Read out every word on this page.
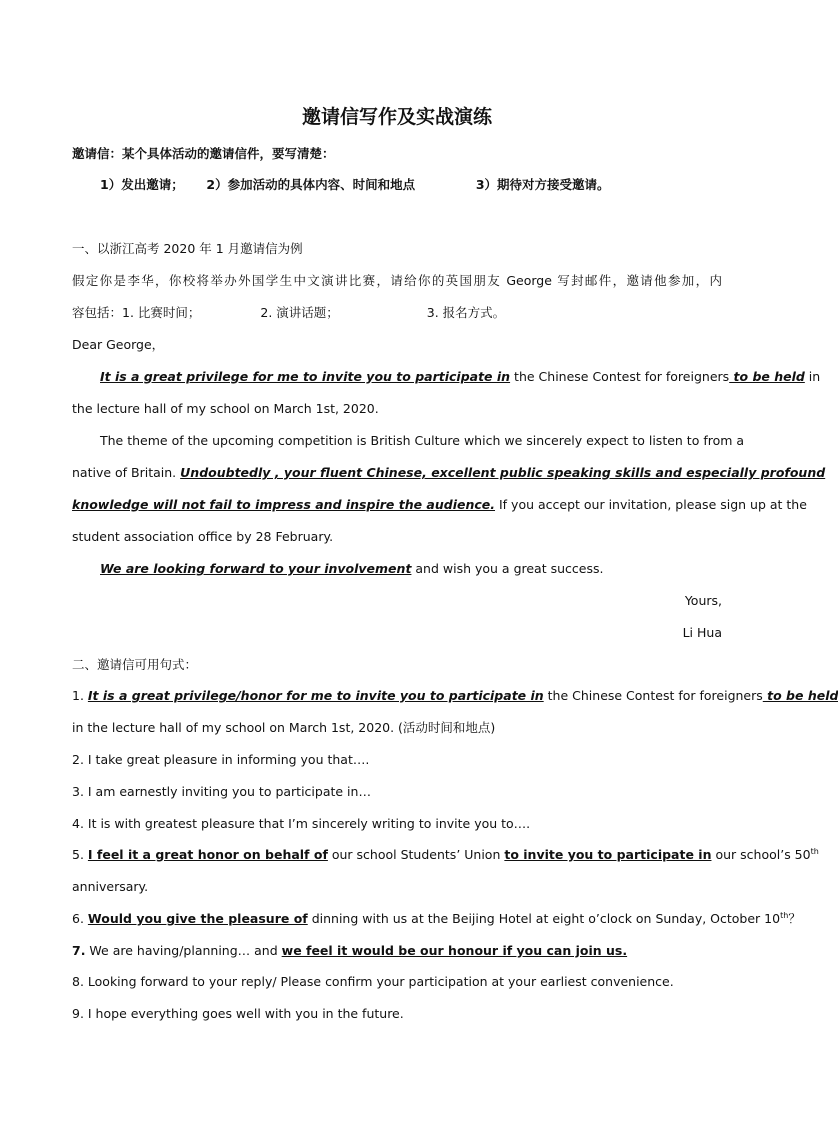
邀请信写作及实战演练
邀请信：某个具体活动的邀请信件，要写清楚：
1）发出邀请； 2）参加活动的具体内容、时间和地点	3）期待对方接受邀请。
一、以浙江高考 2020 年 1 月邀请信为例
假定你是李华，你校将举办外国学生中文演讲比赛，请给你的英国朋友 George 写封邮件，邀请他参加，内
容包括：1. 比赛时间；	2. 演讲话题；	3. 报名方式。
Dear George，
It is a great privilege for me to invite you to participate in the Chinese Contest for foreigners to be held in
the lecture hall of my school on March 1st, 2020.
The theme of the upcoming competition is British Culture which we sincerely expect to listen to from a
native of Britain. Undoubtedly , your fluent Chinese, excellent public speaking skills and especially profound
knowledge will not fail to impress and inspire the audience. If you accept our invitation, please sign up at the
student association office by 28 February.
We are looking forward to your involvement and wish you a great success.
Yours,
Li Hua
二、邀请信可用句式：
1. It is a great privilege/honor for me to invite you to participate in the Chinese Contest for foreigners to be held
in the lecture hall of my school on March 1st, 2020. (活动时间和地点)
2. I take great pleasure in informing you that….
3. I am earnestly inviting you to participate in…
4. It is with greatest pleasure that I’m sincerely writing to invite you to….
5. I feel it a great honor on behalf of our school Students’ Union to invite you to participate in our school’s 50th
anniversary.
6. Would you give the pleasure of dinning with us at the Beijing Hotel at eight o’clock on Sunday, October 10th？
7. We are having/planning… and we feel it would be our honour if you can join us.
8. Looking forward to your reply/ Please confirm your participation at your earliest convenience.
9. I hope everything goes well with you in the future.
